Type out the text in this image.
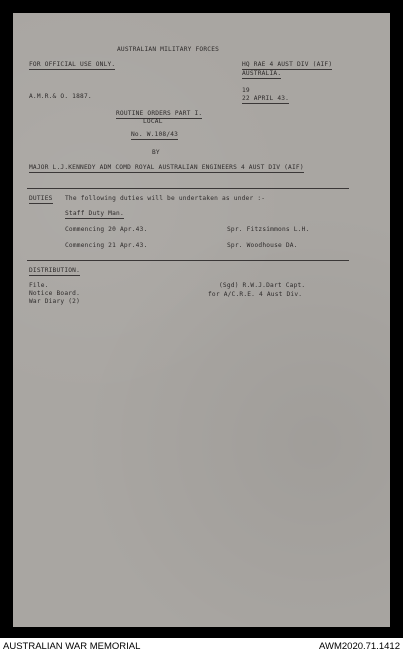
AUSTRALIAN MILITARY FORCES
FOR OFFICIAL USE ONLY.	HQ RAE 4 AUST DIV (AIF)
AUSTRALIA.
19
22 APRIL 43.
A.M.R.& O. 1887.
ROUTINE ORDERS PART I.
LOCAL
No. W.108/43
BY
MAJOR L.J.KENNEDY ADM COMD ROYAL AUSTRALIAN ENGINEERS 4 AUST DIV (AIF)
DUTIES The following duties will be undertaken as under :-
Staff Duty Man.
Commencing 20 Apr.43.	Spr. Fitzsimmons L.H.
Commencing 21 Apr.43.	Spr. Woodhouse DA.
DISTRIBUTION.
File.
Notice Board.
War Diary (2)
(Sgd) R.W.J.Dart Capt.
for A/C.R.E. 4 Aust Div.
AUSTRALIAN WAR MEMORIAL	AWM2020.71.1412
